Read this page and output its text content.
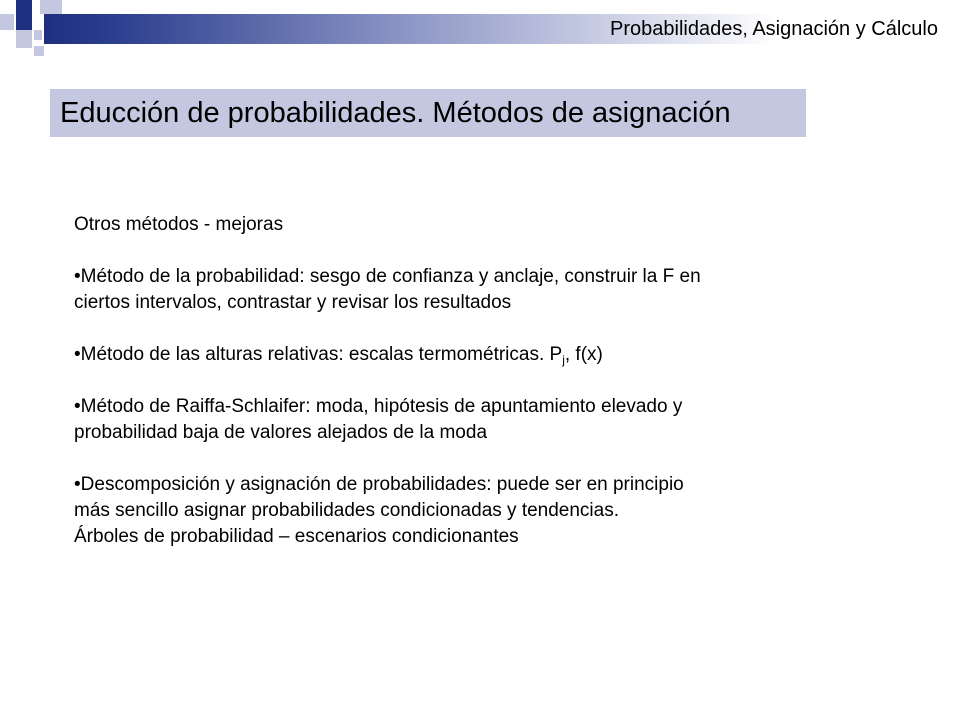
Probabilidades, Asignación y Cálculo
Educción de probabilidades. Métodos de asignación

Otros métodos - mejoras

•Método de la probabilidad: sesgo de confianza y anclaje, construir la F en

ciertos intervalos, contrastar y revisar los resultados

•Método de las alturas relativas: escalas termométricas. $P_j$, f(x)

•Método de Raiffa-Schlaifer: moda, hipótesis de apuntamiento elevado y

probabilidad baja de valores alejados de la moda

•Descomposición y asignación de probabilidades: puede ser en principio

más sencillo asignar probabilidades condicionadas y tendencias.

Árboles de probabilidad – escenarios condicionantes
